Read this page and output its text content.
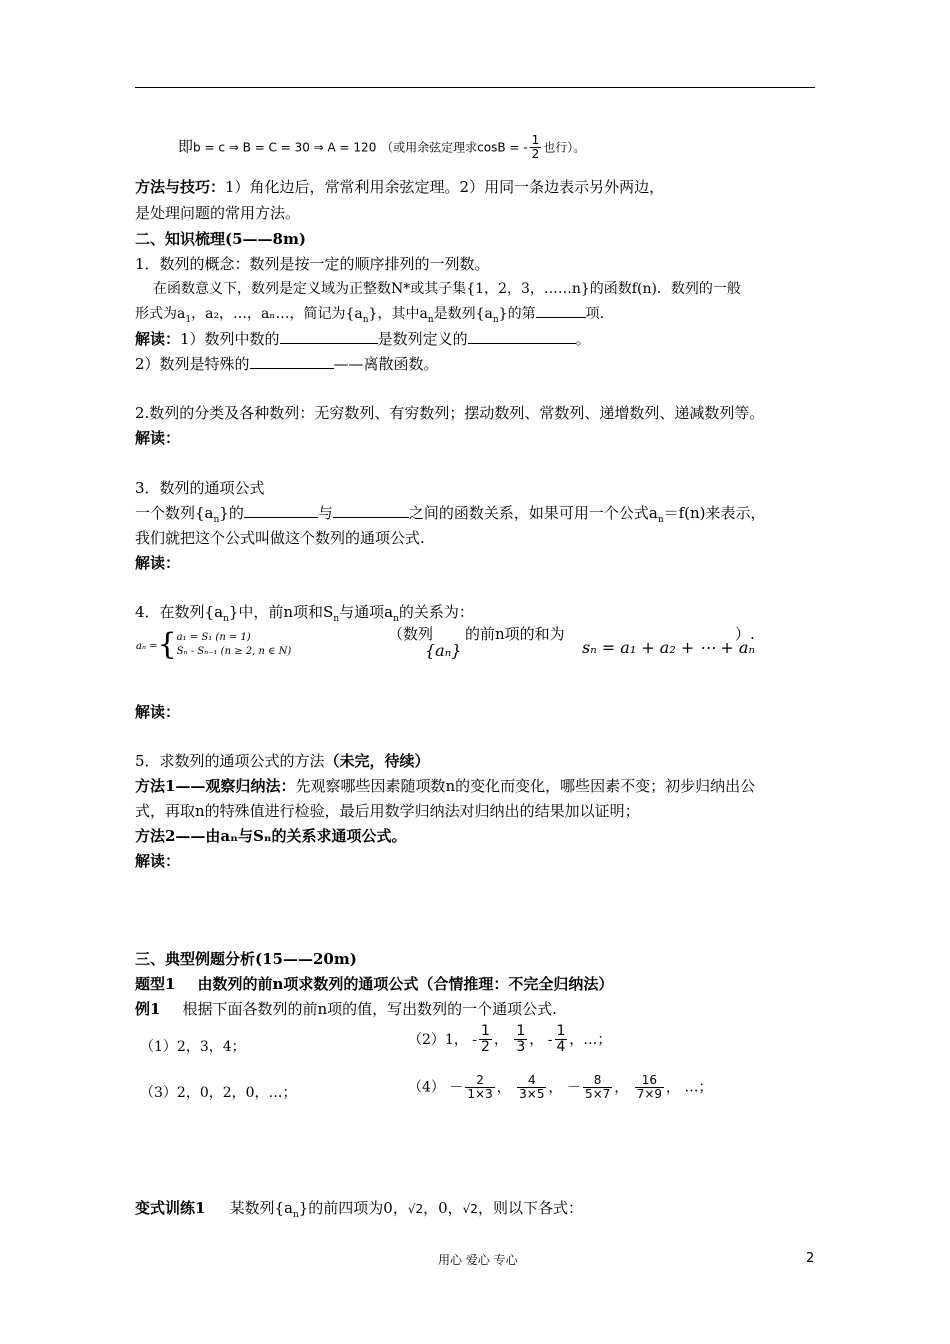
即b = c ⇒ B = C = 30 ⇒ A = 120 （或用余弦定理求cosB = - $\frac{1}{2}$ 也行）。
方法与技巧：1）角化边后，常常利用余弦定理。2）用同一条边表示另外两边，
是处理问题的常用方法。
二、知识梳理(5——8m)
1．数列的概念：数列是按一定的顺序排列的一列数。
在函数意义下，数列是定义域为正整数N*或其子集{1，2，3，……n}的函数f(n)．数列的一般
形式为$a_1$，a₂，…，aₙ…，简记为$\{a_n\}$，其中$a_n$是数列$\{a_n\}$的第	项.
解读：1）数列中数的	是数列定义的	。
2）数列是特殊的	——离散函数。
2.数列的分类及各种数列：无穷数列、有穷数列；摆动数列、常数列、递增数列、递减数列等。
解读：
3．数列的通项公式
一个数列$\{a_n\}$的	与	之间的函数关系，如果可用一个公式$a_n=f(n)$来表示，
我们就把这个公式叫做这个数列的通项公式.
解读：
4．在数列$\{a_n\}$中，前n项和$S_n$与通项$a_n$的关系为：
aₙ ={ a₁ = S₁ (n = 1)
Sₙ - Sₙ₋₁ (n ≥ 2, n ∈ N)
（数列
{aₙ}
的前n项的和为
sₙ = a₁ + a₂ + ⋯ + aₙ
）.
解读：
5．求数列的通项公式的方法（未完，待续）
方法1——观察归纳法：先观察哪些因素随项数n的变化而变化，哪些因素不变；初步归纳出公
式，再取n的特殊值进行检验，最后用数学归纳法对归纳出的结果加以证明；
方法2——由aₙ与Sₙ的关系求通项公式。
解读：
三、典型例题分析(15——20m)
题型1 由数列的前n项求数列的通项公式（合情推理：不完全归纳法）
例1 根据下面各数列的前n项的值，写出数列的一个通项公式.
（1）2，3，4；	（2）1， - $\frac{1}{2}$ ， $\frac{1}{3}$ ， - $\frac{1}{4}$ ，…；
（3）2，0，2，0，…；	$(4) - \frac{2}{1\times 3}$ ， $\frac{4}{3\times 5}$ ， － $\frac{8}{5\times 7}$ ， $\frac{16}{7\times 9}$ ， …；
变式训练1 某数列$\{a_n\}$的前四项为0，√2，0，√2，则以下各式：
用心 爱心 专心	2
